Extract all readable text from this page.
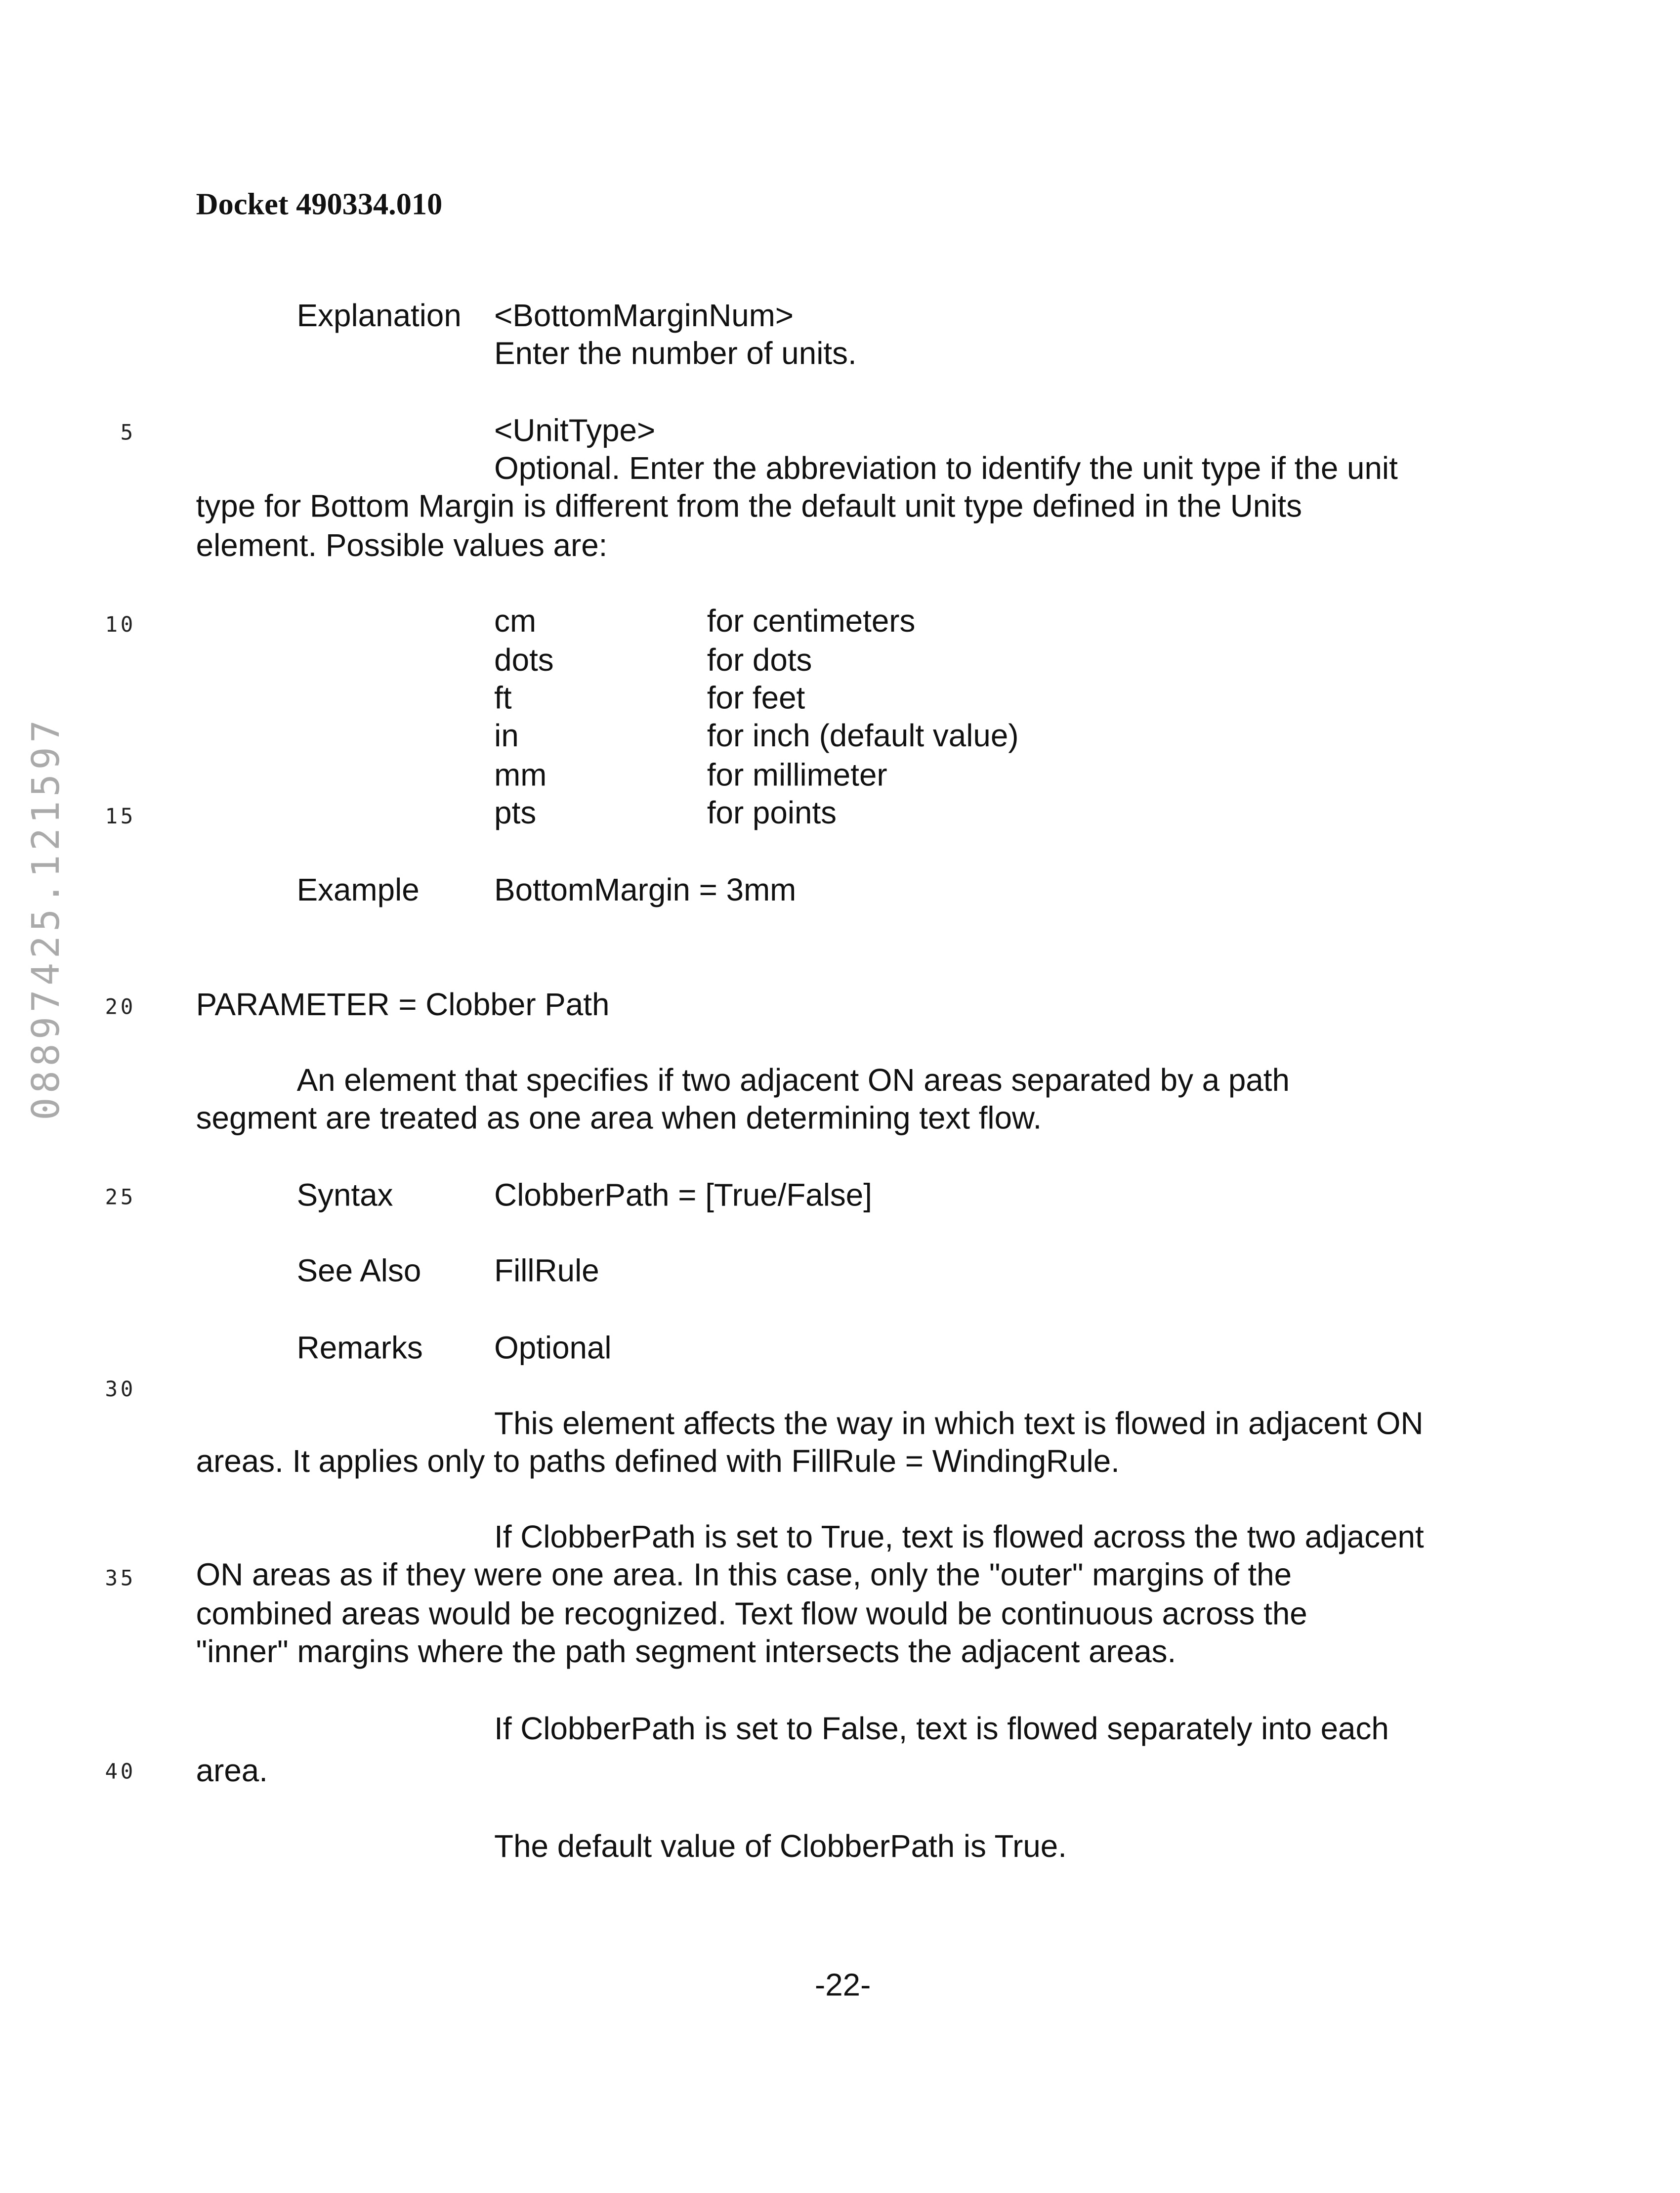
Docket 490334.010
08897425.121597
5
10
15
20
25
30
35
40
Explanation	<BottomMarginNum>
Enter the number of units.
<UnitType>
Optional. Enter the abbreviation to identify the unit type if the unit
type for Bottom Margin is different from the default unit type defined in the Units
element. Possible values are:
cm	for centimeters
dots	for dots
ft	for feet
in	for inch (default value)
mm	for millimeter
pts	for points
Example	BottomMargin = 3mm
PARAMETER = Clobber Path
An element that specifies if two adjacent ON areas separated by a path
segment are treated as one area when determining text flow.
Syntax	ClobberPath = [True/False]
See Also	FillRule
Remarks	Optional
This element affects the way in which text is flowed in adjacent ON
areas. It applies only to paths defined with FillRule = WindingRule.
If ClobberPath is set to True, text is flowed across the two adjacent
ON areas as if they were one area. In this case, only the "outer" margins of the
combined areas would be recognized. Text flow would be continuous across the
"inner" margins where the path segment intersects the adjacent areas.
If ClobberPath is set to False, text is flowed separately into each
area.
The default value of ClobberPath is True.
-22-
